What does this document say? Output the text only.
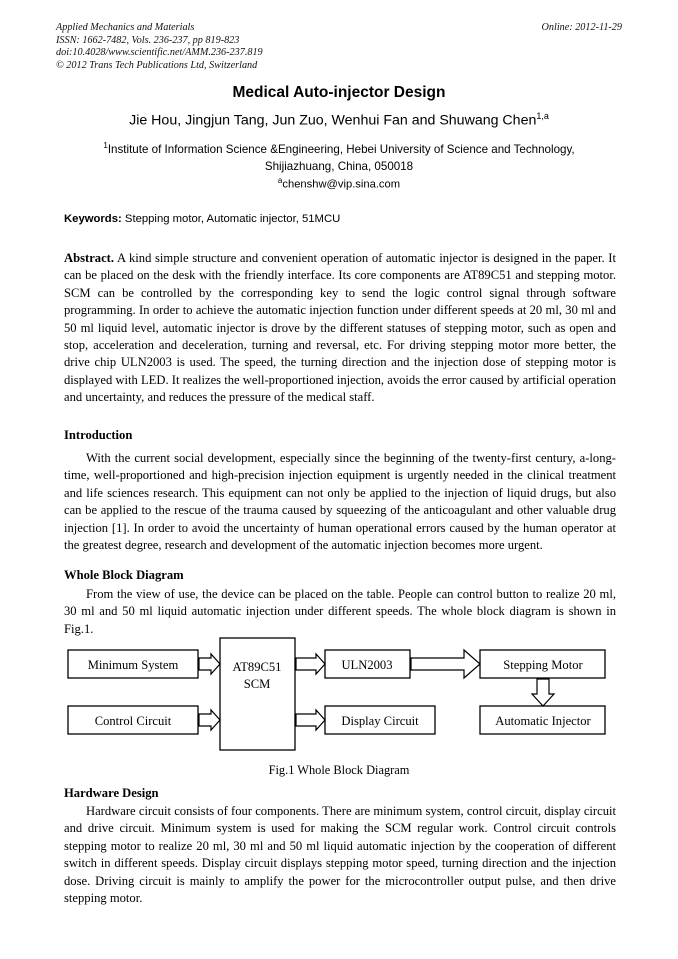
Applied Mechanics and Materials	Online: 2012-11-29
ISSN: 1662-7482, Vols. 236-237, pp 819-823
doi:10.4028/www.scientific.net/AMM.236-237.819
© 2012 Trans Tech Publications Ltd, Switzerland
Medical Auto-injector Design
Jie Hou, Jingjun Tang, Jun Zuo, Wenhui Fan and Shuwang Chen$^{1,a}$
$^1$Institute of Information Science &Engineering, Hebei University of Science and Technology, Shijiazhuang, China, 050018
$^a$chenshw@vip.sina.com
Keywords: Stepping motor, Automatic injector, 51MCU
Abstract. A kind simple structure and convenient operation of automatic injector is designed in the paper. It can be placed on the desk with the friendly interface. Its core components are AT89C51 and stepping motor. SCM can be controlled by the corresponding key to send the logic control signal through software programming. In order to achieve the automatic injection function under different speeds at 20 ml, 30 ml and 50 ml liquid level, automatic injector is drove by the different statuses of stepping motor, such as open and stop, acceleration and deceleration, turning and reversal, etc. For driving stepping motor more better, the drive chip ULN2003 is used. The speed, the turning direction and the injection dose of stepping motor is displayed with LED. It realizes the well-proportioned injection, avoids the error caused by artificial operation and uncertainty, and reduces the pressure of the medical staff.
Introduction
With the current social development, especially since the beginning of the twenty-first century, a-long-time, well-proportioned and high-precision injection equipment is urgently needed in the clinical treatment and life sciences research. This equipment can not only be applied to the injection of liquid drugs, but also can be applied to the rescue of the trauma caused by squeezing of the anticoagulant and other valuable drug injection [1]. In order to avoid the uncertainty of human operational errors caused by the human operator at the greatest degree, research and development of the automatic injection becomes more urgent.
Whole Block Diagram
From the view of use, the device can be placed on the table. People can control button to realize 20 ml, 30 ml and 50 ml liquid automatic injection under different speeds. The whole block diagram is shown in Fig.1.
Minimum System
Control Circuit
AT89C51
SCM
ULN2003
Display Circuit
Stepping Motor
Automatic Injector
Fig.1 Whole Block Diagram
Hardware Design
Hardware circuit consists of four components. There are minimum system, control circuit, display circuit and drive circuit. Minimum system is used for making the SCM regular work. Control circuit controls stepping motor to realize 20 ml, 30 ml and 50 ml liquid automatic injection by the cooperation of different switch in different speeds. Display circuit displays stepping motor speed, turning direction and the injection dose. Driving circuit is mainly to amplify the power for the microcontroller output pulse, and then drive stepping motor.
